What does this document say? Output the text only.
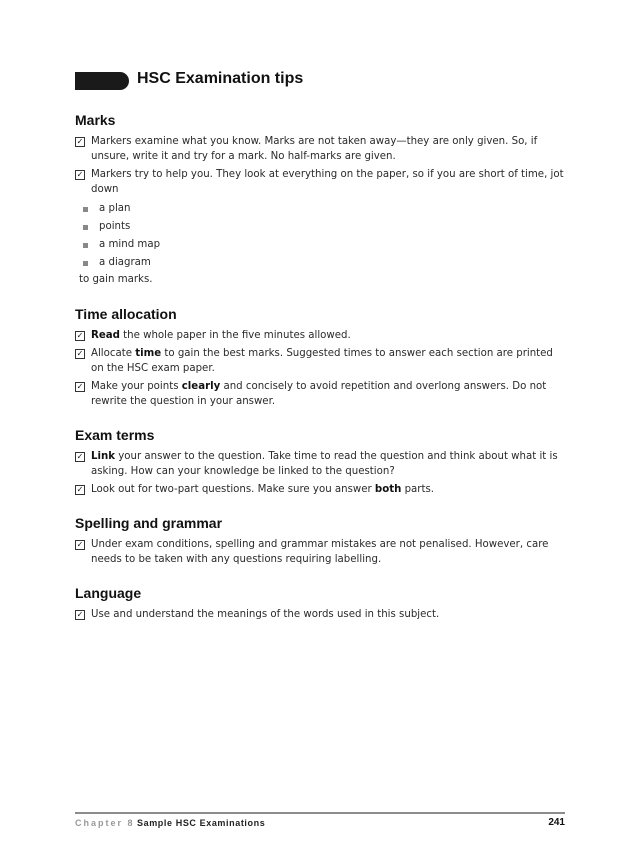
HSC Examination tips
Marks
✓ Markers examine what you know. Marks are not taken away—they are only given. So, if unsure, write it and try for a mark. No half-marks are given.
✓ Markers try to help you. They look at everything on the paper, so if you are short of time, jot down
a plan
points
a mind map
a diagram
to gain marks.
Time allocation
✓ Read the whole paper in the five minutes allowed.
✓ Allocate time to gain the best marks. Suggested times to answer each section are printed on the HSC exam paper.
✓ Make your points clearly and concisely to avoid repetition and overlong answers. Do not rewrite the question in your answer.
Exam terms
✓ Link your answer to the question. Take time to read the question and think about what it is asking. How can your knowledge be linked to the question?
✓ Look out for two-part questions. Make sure you answer both parts.
Spelling and grammar
✓ Under exam conditions, spelling and grammar mistakes are not penalised. However, care needs to be taken with any questions requiring labelling.
Language
✓ Use and understand the meanings of the words used in this subject.
Chapter 8 Sample HSC Examinations	241
